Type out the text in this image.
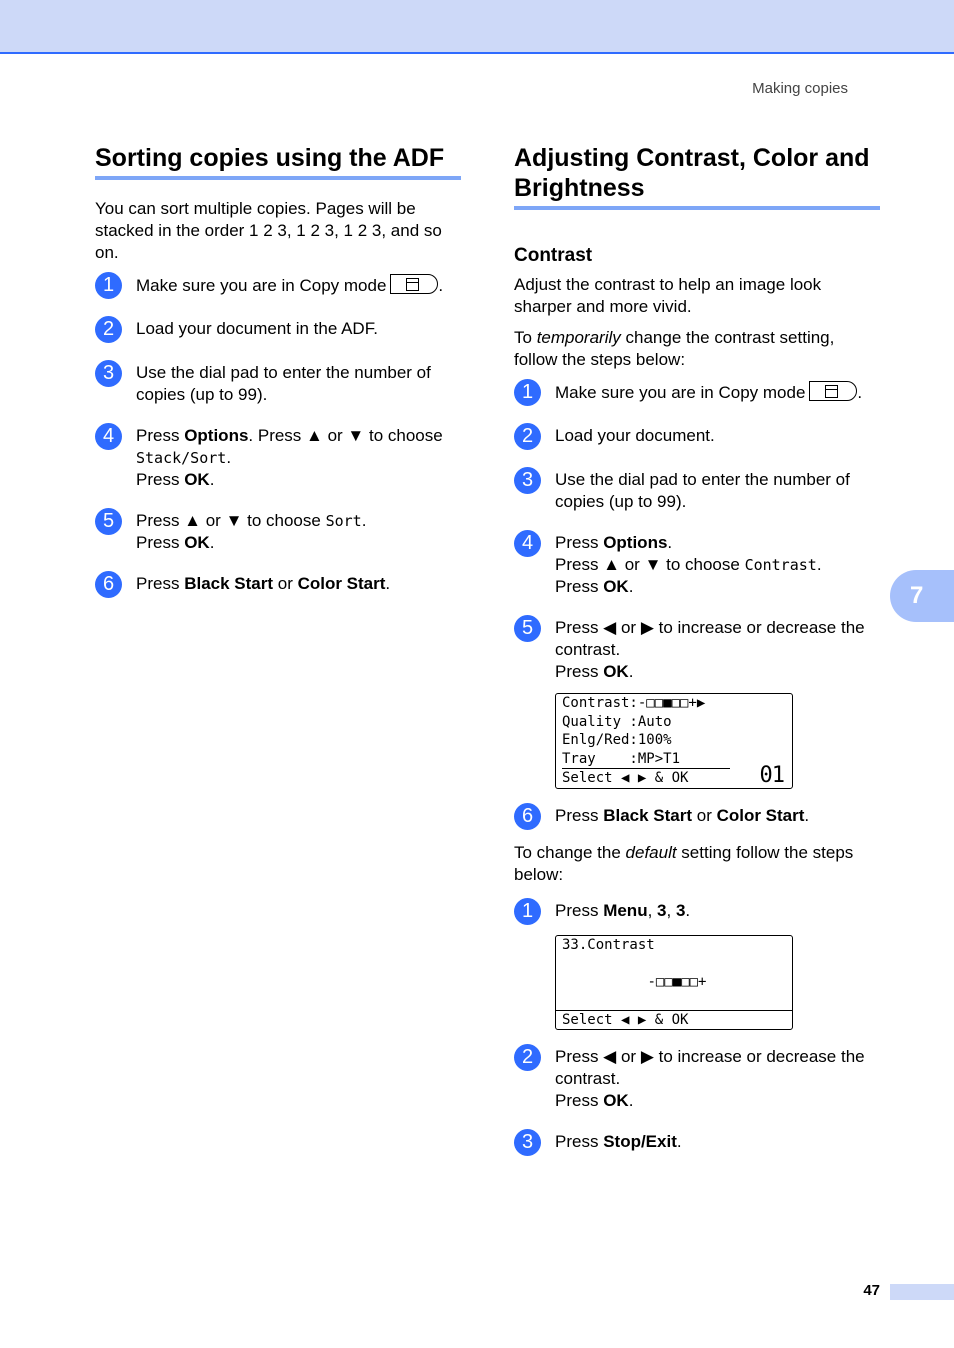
Making copies
Sorting copies using the ADF

You can sort multiple copies. Pages will be stacked in the order 1 2 3, 1 2 3, 1 2 3, and so on.

1	Make sure you are in Copy mode	.
2	Load your document in the ADF.
3	Use the dial pad to enter the number of copies (up to 99).
4	Press Options. Press ▲ or ▼ to choose Stack/Sort.
Press OK.
5	Press ▲ or ▼ to choose Sort.
Press OK.
6	Press Black Start or Color Start.
Adjusting Contrast, Color and Brightness
Contrast

Adjust the contrast to help an image look sharper and more vivid.

To temporarily change the contrast setting, follow the steps below:

1	Make sure you are in Copy mode	.
2	Load your document.
3	Use the dial pad to enter the number of copies (up to 99).
4	Press Options.
Press ▲ or ▼ to choose Contrast.
Press OK.
5	Press ◀ or ▶ to increase or decrease the contrast.
Press OK.
Contrast:-□□■□□+▶
Quality :Auto
Enlg/Red:100%
Tray    :MP>T1
Select ◀ ▶ & OK	01
6	Press Black Start or Color Start.

To change the default setting follow the steps below:

1	Press Menu, 3, 3.
33.Contrast
-□□■□□+
Select ◀ ▶ & OK
2	Press ◀ or ▶ to increase or decrease the contrast.
Press OK.
3	Press Stop/Exit.
7
47
